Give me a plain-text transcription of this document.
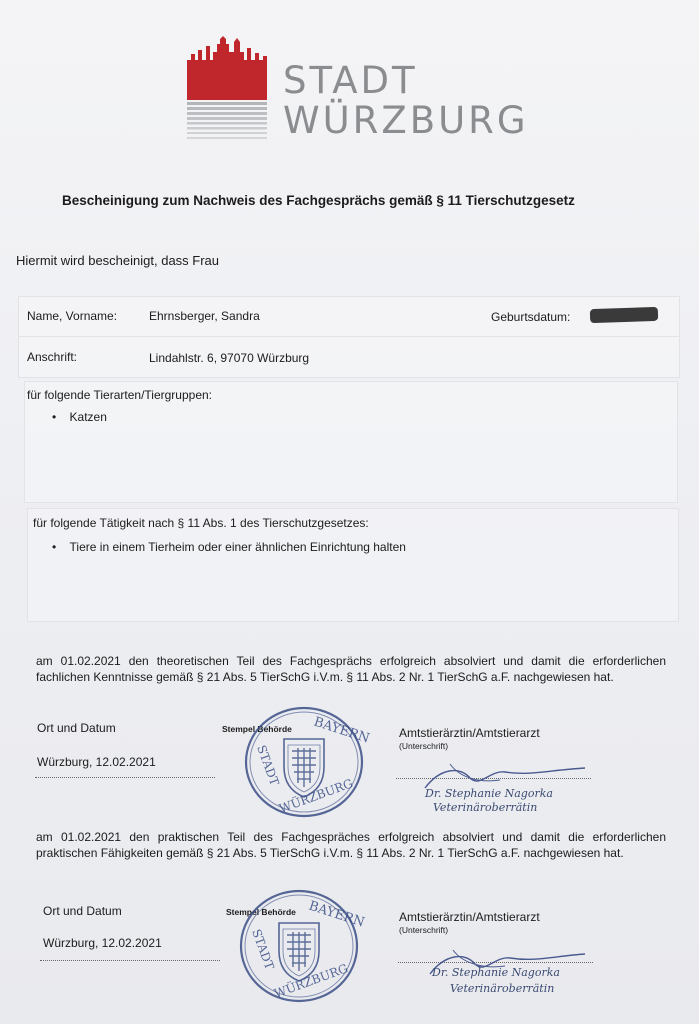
STADT
WÜRZBURG
Bescheinigung zum Nachweis des Fachgesprächs gemäß § 11 Tierschutzgesetz
Hiermit wird bescheinigt, dass Frau
Name, Vorname:	Ehrnsberger, Sandra	Geburtsdatum:
Anschrift:	Lindahlstr. 6, 97070 Würzburg
für folgende Tierarten/Tiergruppen:
•    Katzen
für folgende Tätigkeit nach § 11 Abs. 1 des Tierschutzgesetzes:
•    Tiere in einem Tierheim oder einer ähnlichen Einrichtung halten
am 01.02.2021 den theoretischen Teil des Fachgesprächs erfolgreich absolviert und damit die erforderlichen fachlichen Kenntnisse gemäß § 21 Abs. 5 TierSchG i.V.m. § 11 Abs. 2 Nr. 1 TierSchG a.F. nachgewiesen hat.
Ort und Datum
Würzburg, 12.02.2021
Stempel Behörde BAYERN
STADT
WÜRZBURG
Amtstierärztin/Amtstierarzt
(Unterschrift)
Dr. Stephanie Nagorka
Veterinäroberrätin
am 01.02.2021 den praktischen Teil des Fachgespräches erfolgreich absolviert und damit die erforderlichen praktischen Fähigkeiten gemäß § 21 Abs. 5 TierSchG i.V.m. § 11 Abs. 2 Nr. 1 TierSchG a.F. nachgewiesen hat.
Ort und Datum
Würzburg, 12.02.2021
Stempel Behörde BAYERN
STADT
WÜRZBURG
Amtstierärztin/Amtstierarzt
(Unterschrift)
Dr. Stephanie Nagorka
Veterinäroberrätin
